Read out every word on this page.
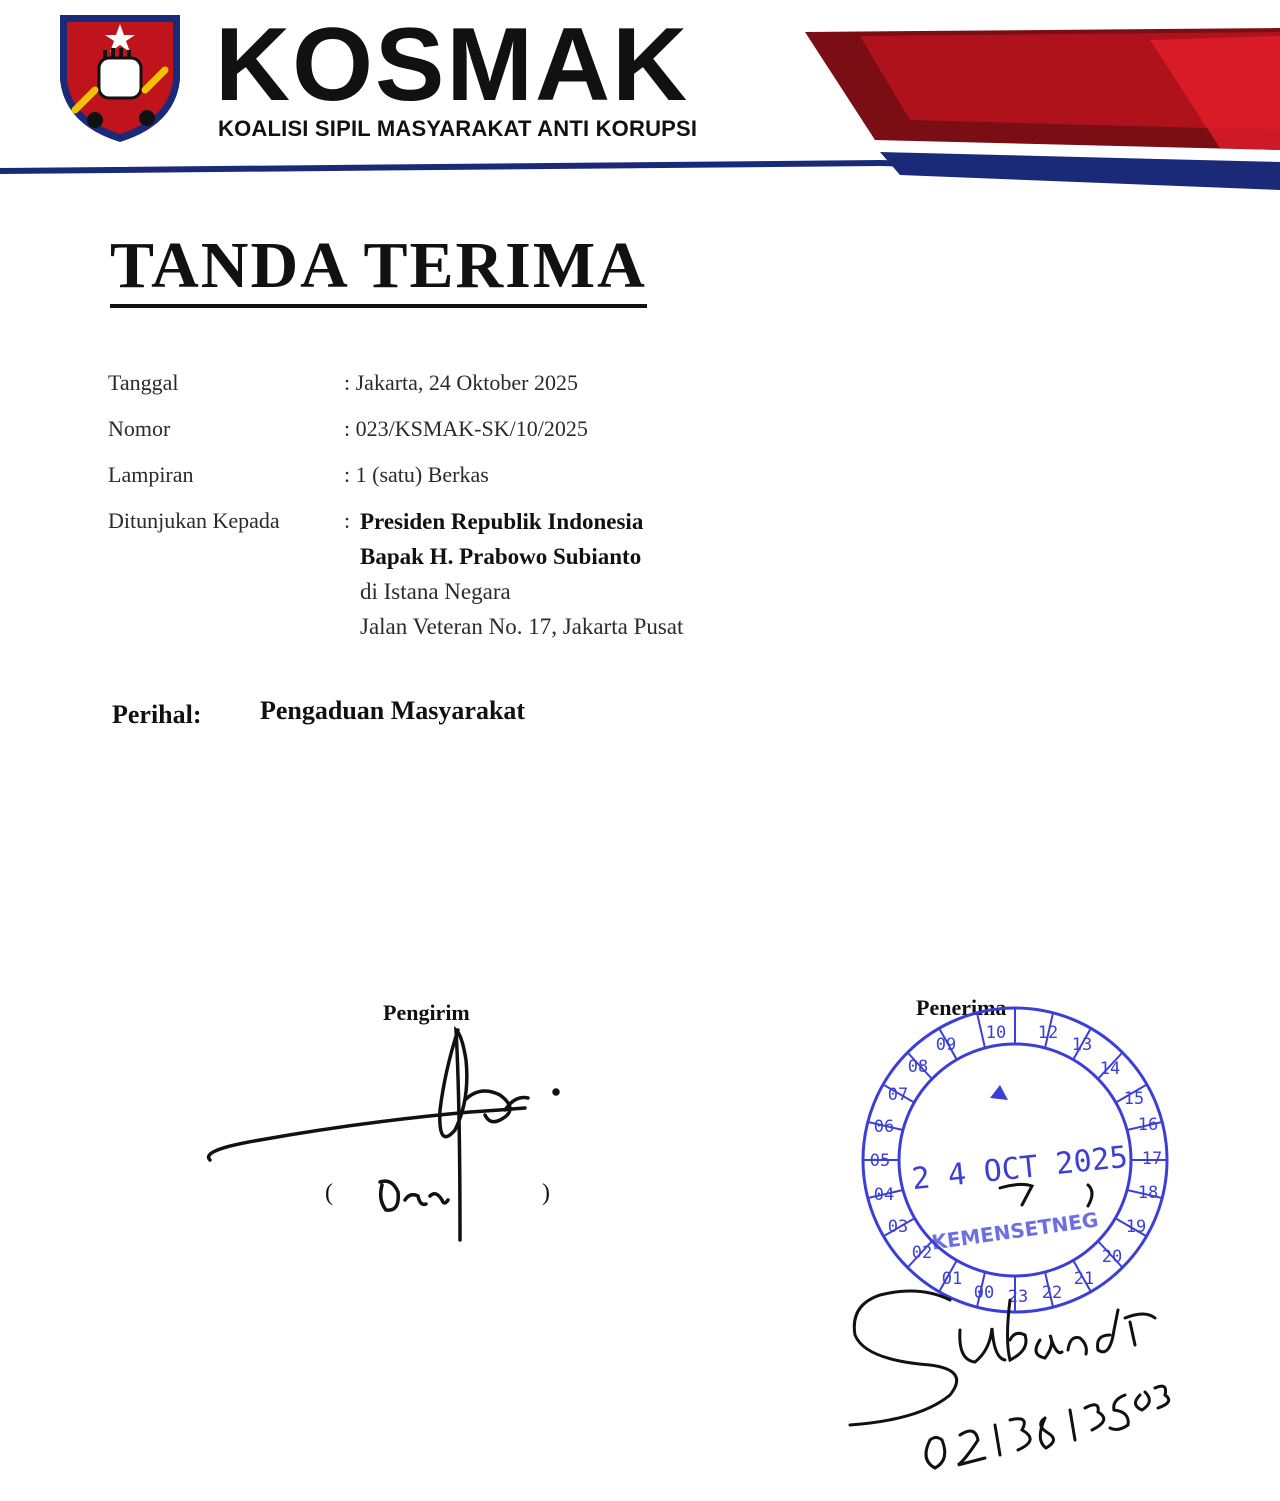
KOSMAK
KOALISI SIPIL MASYARAKAT ANTI KORUPSI
TANDA TERIMA
Tanggal	: Jakarta, 24 Oktober 2025
Nomor	: 023/KSMAK-SK/10/2025
Lampiran	: 1 (satu) Berkas
Ditunjukan Kepada	: Presiden Republik Indonesia
Bapak H. Prabowo Subianto
di Istana Negara
Jalan Veteran No. 17, Jakarta Pusat
Perihal: Pengaduan Masyarakat
Pengirim	Penerima
(	)
10 12
13
14
15
16
17
18
19
20
21
22
23
00
01
02
03
04
05
06
07
08
09
2 4 OCT 2025
KEMENSETNEG
